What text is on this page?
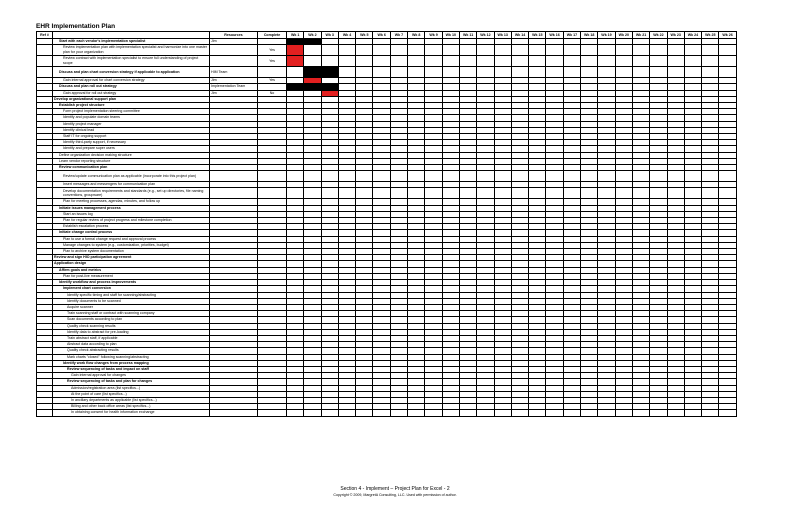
EHR Implementation Plan
Ref #		Resources	Complete	Wk 1	Wk 2	Wk 3	Wk 4	Wk 5	Wk 6	Wk 7	Wk 8	Wk 9	Wk 10	Wk 11	Wk 12	Wk 13	Wk 14	Wk 15	Wk 16	Wk 17	Wk 18	Wk 19	Wk 20	Wk 21	Wk 22	Wk 23	Wk 24	Wk 25	Wk 26
	Start with each vendor's implementation specialist	Jim																											
	Review implementation plan with implementation specialist and harmonize into one master plan for your organization		Yes																										
	Review contract with implementation specialist to ensure full understanding of project scope		Yes																										
	Discuss and plan chart conversion strategy if applicable to application	HIM Team																											
	Gain internal approval for chart conversion strategy	Jim	Yes																										
	Discuss and plan roll out strategy	Implementation Team																											
	Gain approval for roll out strategy	Jim	No																										
	Develop organizational support plan																												
	Establish project structure																												
	Form project implementation steering committee																												
	Identify and populate domain teams																												
	Identify project manager																												
	Identify clinical lead																												
	Staff IT for ongoing support																												
	Identify third-party support, if necessary																												
	Identify and prepare super users																												
	Define organization decision making structure																												
	Learn vendor reporting structure																												
	Review communication plan																												
	Review/update communication plan as applicable (incorporate into this project plan)																												
	Insert messages and messengers for communication plan																												
	Develop documentation requirements and standards (e.g., set up directories, file naming conventions, groupware)																												
	Plan for meeting processes, agendas, minutes, and follow up																												
	Initiate issues management process																												
	Start an issues log																												
	Plan for regular review of project progress and milestone completion																												
	Establish escalation process																												
	Initiate change control process																												
	Plan to use a formal change request and approval process																												
	Manage changes to system (e.g., customization, priorities, budget)																												
	Plan to archive system documentation																												
	Review and sign HIO participation agreement																												
	Application design																												
	Affirm goals and metrics																												
	Plan for post-live measurement																												
	Identify workflow and process improvements																												
	Implement chart conversion																												
	Identify specific timing and staff for scanning/abstracting																												
	Identify documents to be scanned																												
	Acquire scanner																												
	Train scanning staff or contract with scanning company																												
	Scan documents according to plan																												
	Quality check scanning results																												
	Identify data to abstract for pre-loading																												
	Train abstract staff, if applicable																												
	Abstract data according to plan																												
	Quality check abstracting results																												
	Mark charts "closed" following scanning/abstracting																												
	Identify work flow changes from process mapping																												
	Review sequencing of tasks and impact on staff																												
	Gain internal approval for changes																												
	Review sequencing of tasks and plan for changes																												
	Admission/registration area (list specifics...)																												
	At the point of care (list specifics...)																												
	In ancillary departments as applicable (list specifics...)																												
	Billing and other back office areas (list specifics...)																												
	In obtaining consent for health information exchange																												
Section 4 - Implement – Project Plan for Excel - 2
Copyright © 2009, MargretA Consulting, LLC. Used with permission of author.
